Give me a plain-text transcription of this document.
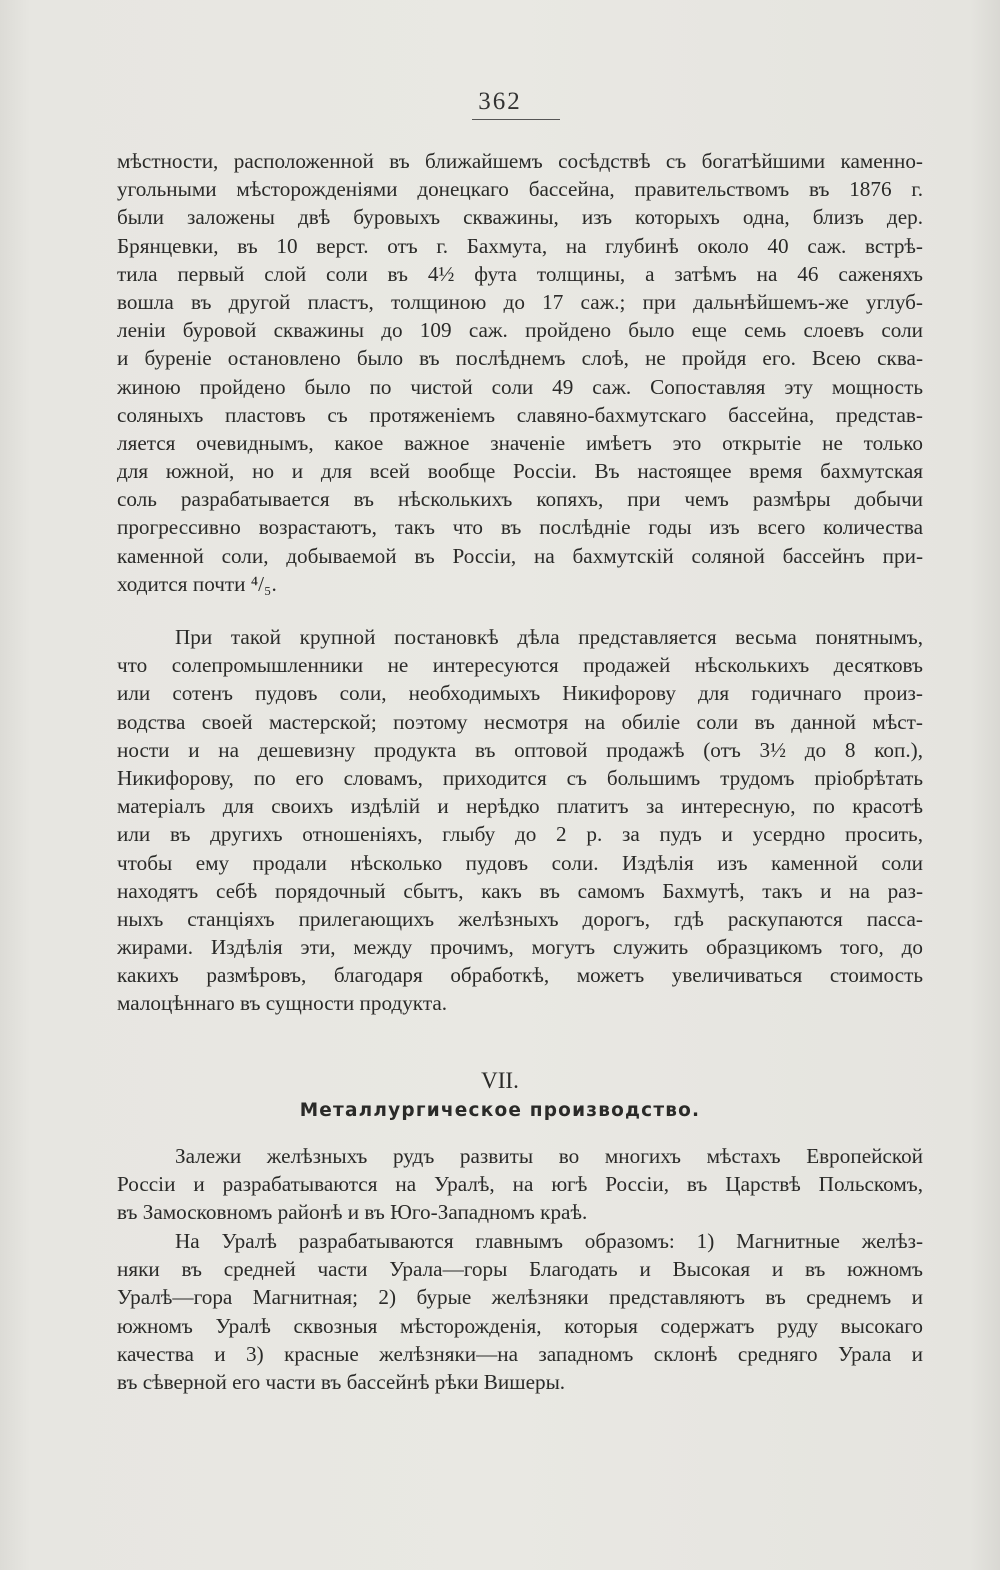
362
мѣстности, расположенной въ ближайшемъ сосѣдствѣ съ богатѣйшими каменно-
угольными мѣсторожденіями донецкаго бассейна, правительствомъ въ 1876 г.
были заложены двѣ буровыхъ скважины, изъ которыхъ одна, близъ дер.
Брянцевки, въ 10 верст. отъ г. Бахмута, на глубинѣ около 40 саж. встрѣ-
тила первый слой соли въ 4½ фута толщины, а затѣмъ на 46 саженяхъ
вошла въ другой пластъ, толщиною до 17 саж.; при дальнѣйшемъ-же углуб-
леніи буровой скважины до 109 саж. пройдено было еще семь слоевъ соли
и буреніе остановлено было въ послѣднемъ слоѣ, не пройдя его. Всею сква-
жиною пройдено было по чистой соли 49 саж. Сопоставляя эту мощность
соляныхъ пластовъ съ протяженіемъ славяно-бахмутскаго бассейна, представ-
ляется очевиднымъ, какое важное значеніе имѣетъ это открытіе не только
для южной, но и для всей вообще Россіи. Въ настоящее время бахмутская
соль разрабатывается въ нѣсколькихъ копяхъ, при чемъ размѣры добычи
прогрессивно возрастаютъ, такъ что въ послѣдніе годы изъ всего количества
каменной соли, добываемой въ Россіи, на бахмутскій соляной бассейнъ при-
ходится почти ⁴/₅.
При такой крупной постановкѣ дѣла представляется весьма понятнымъ,
что солепромышленники не интересуются продажей нѣсколькихъ десятковъ
или сотенъ пудовъ соли, необходимыхъ Никифорову для годичнаго произ-
водства своей мастерской; поэтому несмотря на обиліе соли въ данной мѣст-
ности и на дешевизну продукта въ оптовой продажѣ (отъ 3½ до 8 коп.),
Никифорову, по его словамъ, приходится съ большимъ трудомъ пріобрѣтать
матеріалъ для своихъ издѣлій и нерѣдко платитъ за интересную, по красотѣ
или въ другихъ отношеніяхъ, глыбу до 2 р. за пудъ и усердно просить,
чтобы ему продали нѣсколько пудовъ соли. Издѣлія изъ каменной соли
находятъ себѣ порядочный сбытъ, какъ въ самомъ Бахмутѣ, такъ и на раз-
ныхъ станціяхъ прилегающихъ желѣзныхъ дорогъ, гдѣ раскупаются пасса-
жирами. Издѣлія эти, между прочимъ, могутъ служить образцикомъ того, до
какихъ размѣровъ, благодаря обработкѣ, можетъ увеличиваться стоимость
малоцѣннаго въ сущности продукта.
VII.
Металлургическое производство.
Залежи желѣзныхъ рудъ развиты во многихъ мѣстахъ Европейской
Россіи и разрабатываются на Уралѣ, на югѣ Россіи, въ Царствѣ Польскомъ,
въ Замосковномъ районѣ и въ Юго-Западномъ краѣ.
На Уралѣ разрабатываются главнымъ образомъ: 1) Магнитные желѣз-
няки въ средней части Урала—горы Благодать и Высокая и въ южномъ
Уралѣ—гора Магнитная; 2) бурые желѣзняки представляютъ въ среднемъ и
южномъ Уралѣ сквозныя мѣсторожденія, которыя содержатъ руду высокаго
качества и 3) красные желѣзняки—на западномъ склонѣ средняго Урала и
въ сѣверной его части въ бассейнѣ рѣки Вишеры.
